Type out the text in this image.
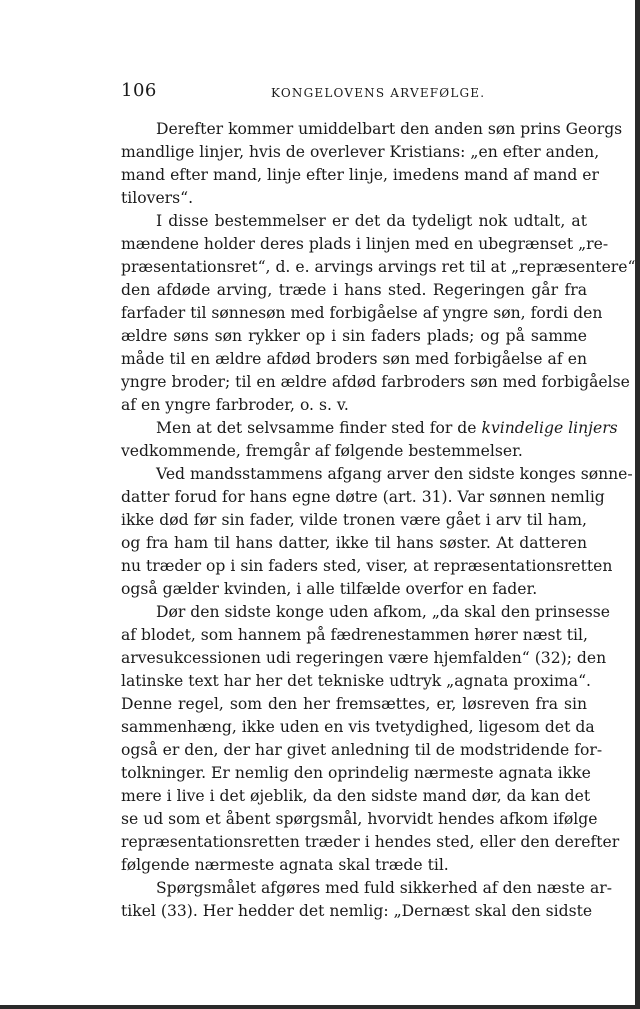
106	KONGELOVENS ARVEFØLGE.
Derefter kommer umiddelbart den anden søn prins Georgs
mandlige linjer, hvis de overlever Kristians: „en efter anden,
mand efter mand, linje efter linje, imedens mand af mand er
tilovers“.
I disse bestemmelser er det da tydeligt nok udtalt, at
mændene holder deres plads i linjen med en ubegrænset „re-
præsentationsret“, d. e. arvings arvings ret til at „repræsentere“
den afdøde arving, træde i hans sted. Regeringen går fra
farfader til sønnesøn med forbigåelse af yngre søn, fordi den
ældre søns søn rykker op i sin faders plads; og på samme
måde til en ældre afdød broders søn med forbigåelse af en
yngre broder; til en ældre afdød farbroders søn med forbigåelse
af en yngre farbroder, o. s. v.
Men at det selvsamme finder sted for de kvindelige linjers
vedkommende, fremgår af følgende bestemmelser.
Ved mandsstammens afgang arver den sidste konges sønne-
datter forud for hans egne døtre (art. 31). Var sønnen nemlig
ikke død før sin fader, vilde tronen være gået i arv til ham,
og fra ham til hans datter, ikke til hans søster. At datteren
nu træder op i sin faders sted, viser, at repræsentationsretten
også gælder kvinden, i alle tilfælde overfor en fader.
Dør den sidste konge uden afkom, „da skal den prinsesse
af blodet, som hannem på fædrenestammen hører næst til,
arvesukcessionen udi regeringen være hjemfalden“ (32); den
latinske text har her det tekniske udtryk „agnata proxima“.
Denne regel, som den her fremsættes, er, løsreven fra sin
sammenhæng, ikke uden en vis tvetydighed, ligesom det da
også er den, der har givet anledning til de modstridende for-
tolkninger. Er nemlig den oprindelig nærmeste agnata ikke
mere i live i det øjeblik, da den sidste mand dør, da kan det
se ud som et åbent spørgsmål, hvorvidt hendes afkom ifølge
repræsentationsretten træder i hendes sted, eller den derefter
følgende nærmeste agnata skal træde til.
Spørgsmålet afgøres med fuld sikkerhed af den næste ar-
tikel (33). Her hedder det nemlig: „Dernæst skal den sidste
